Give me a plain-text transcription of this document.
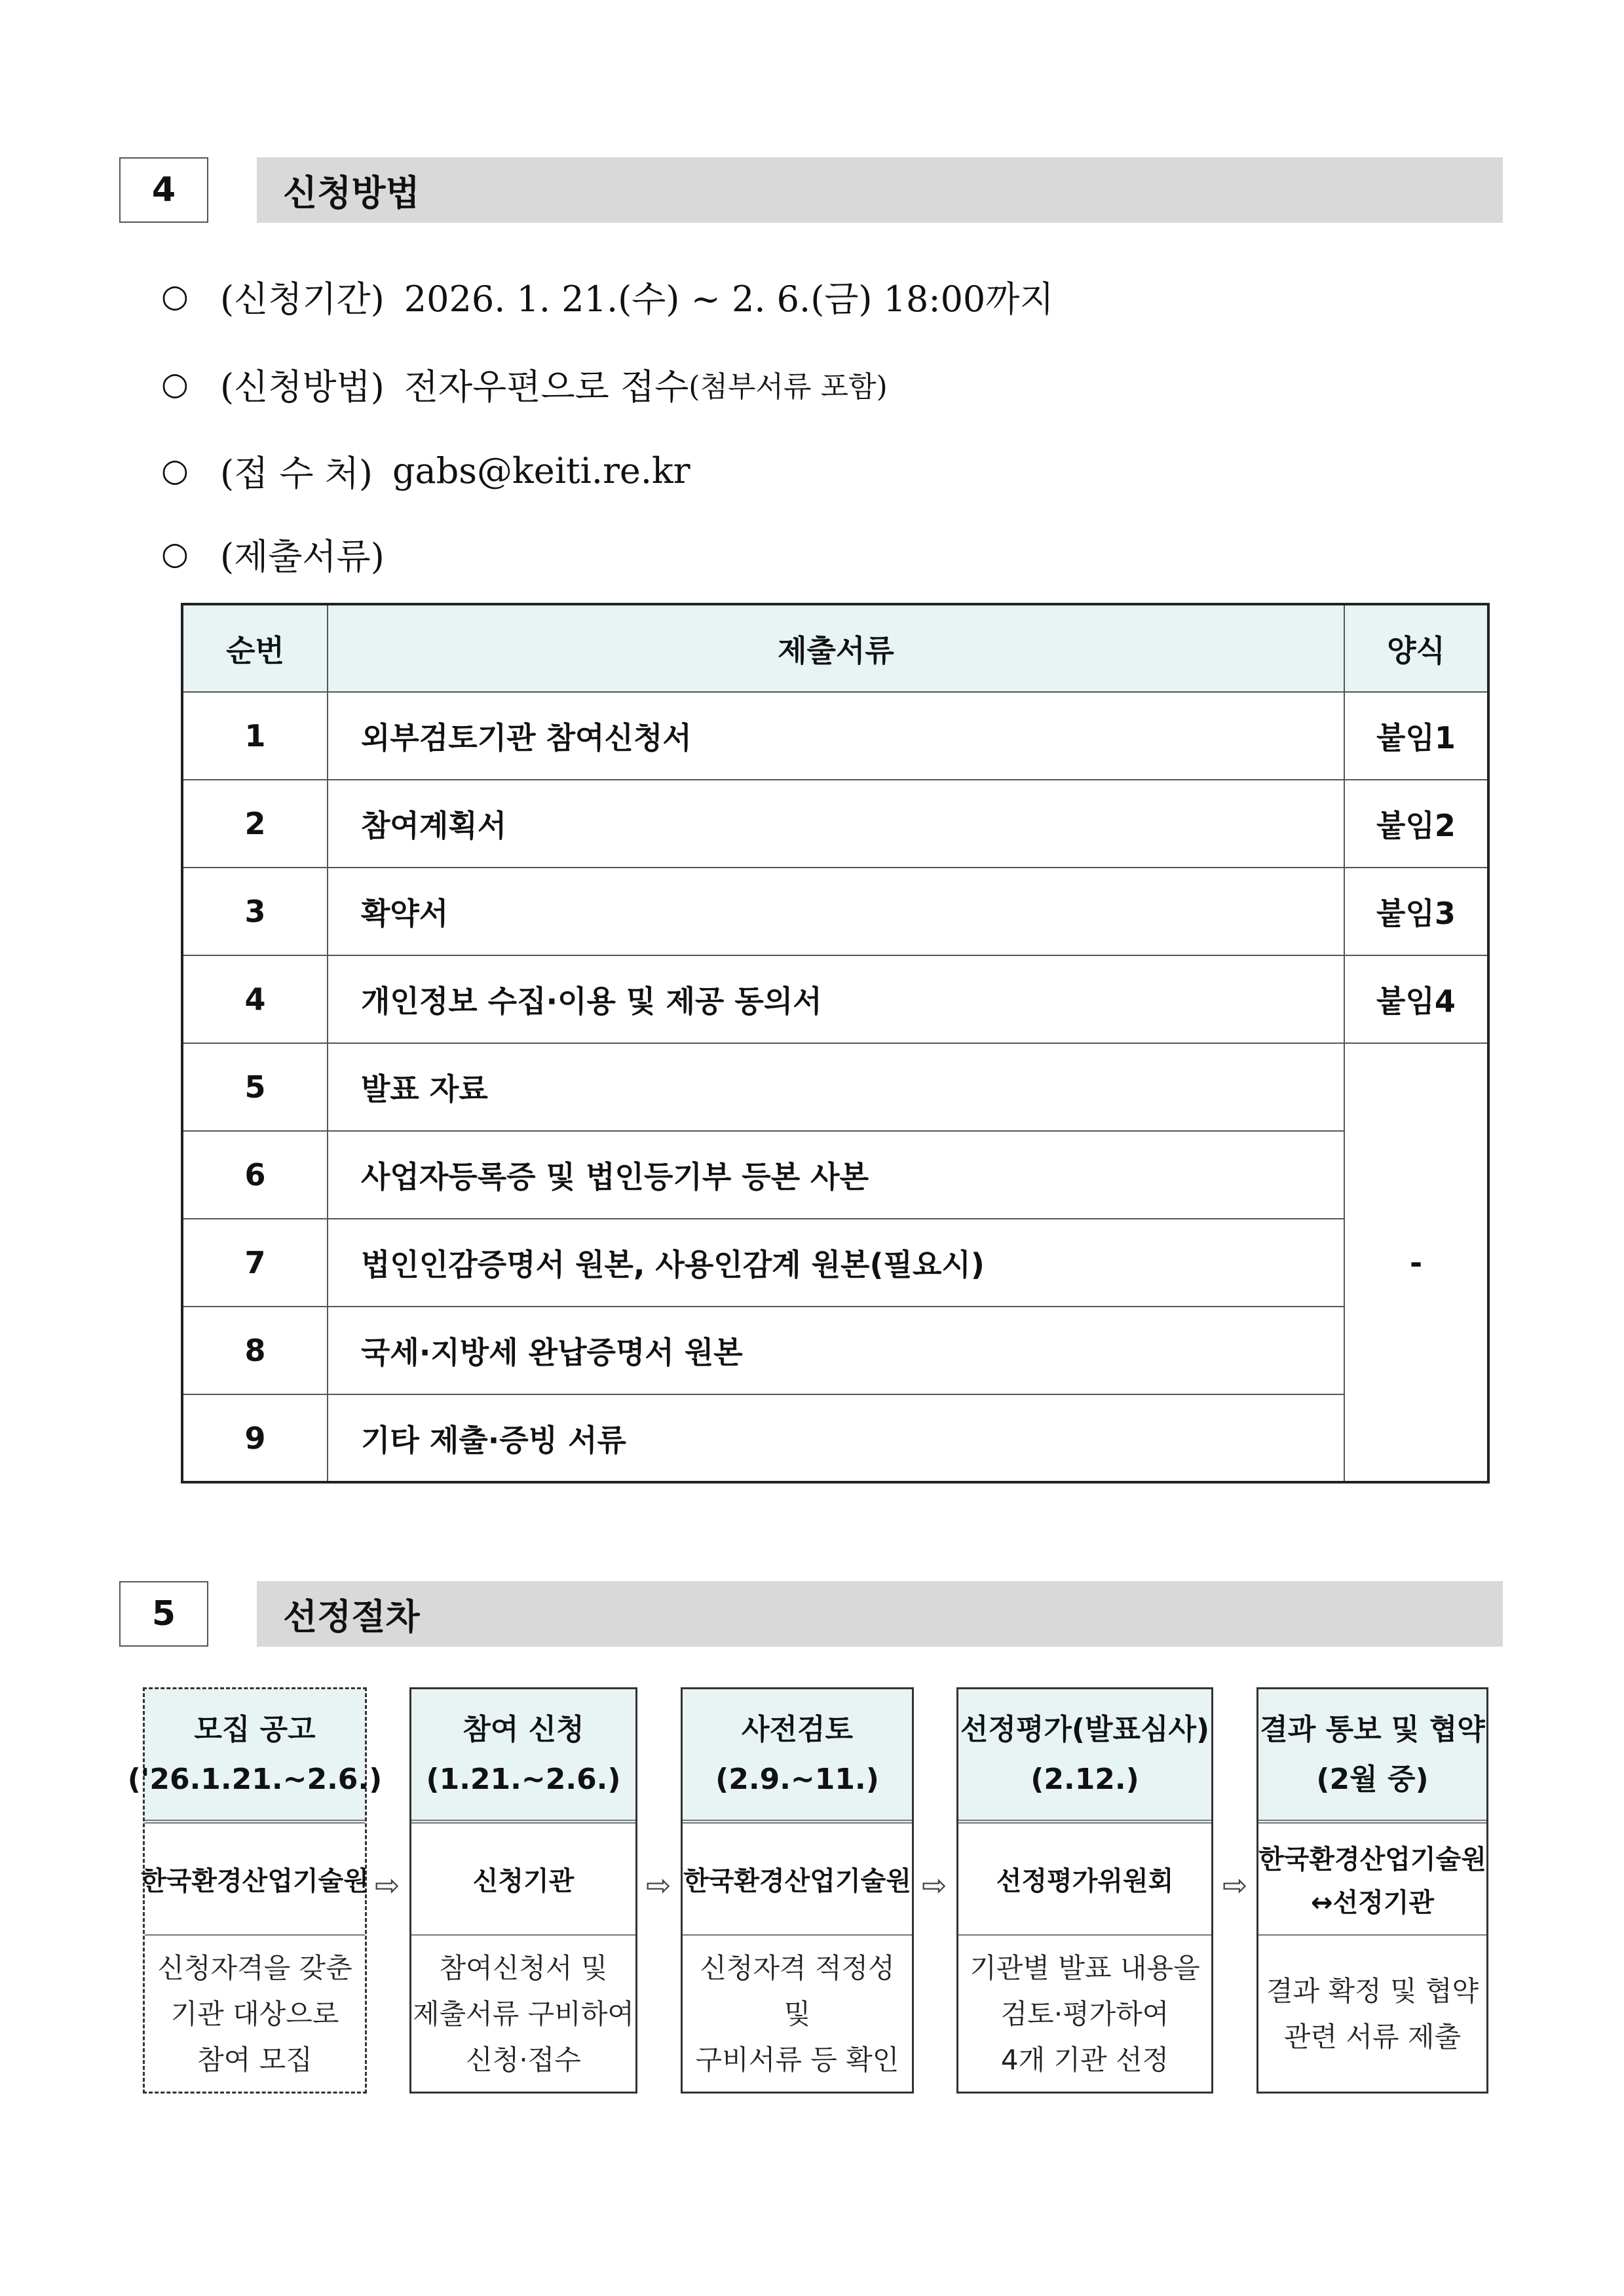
4	신청방법
○ (신청기간) 2026. 1. 21.(수) ~ 2. 6.(금) 18:00까지
○ (신청방법) 전자우편으로 접수 (첨부서류 포함)
○ (접 수 처) gabs@keiti.re.kr
○ (제출서류)
순번	제출서류	양식
1	외부검토기관 참여신청서	붙임1
2	참여계획서	붙임2
3	확약서	붙임3
4	개인정보 수집·이용 및 제공 동의서	붙임4
5	발표 자료	-
6	사업자등록증 및 법인등기부 등본 사본	
7	법인인감증명서 원본, 사용인감계 원본(필요시)	
8	국세·지방세 완납증명서 원본	
9	기타 제출·증빙 서류	
5	선정절차
모집 공고
('26.1.21.~2.6.)
한국환경산업기술원
신청자격을 갖춘
기관 대상으로
참여 모집
⇨
참여 신청
(1.21.~2.6.)
신청기관
참여신청서 및
제출서류 구비하여
신청·접수
⇨
사전검토
(2.9.~11.)
한국환경산업기술원
신청자격 적정성
및
구비서류 등 확인
⇨
선정평가(발표심사)
(2.12.)
선정평가위원회
기관별 발표 내용을
검토·평가하여
4개 기관 선정
⇨
결과 통보 및 협약
(2월 중)
한국환경산업기술원
↔선정기관
결과 확정 및 협약
관련 서류 제출
